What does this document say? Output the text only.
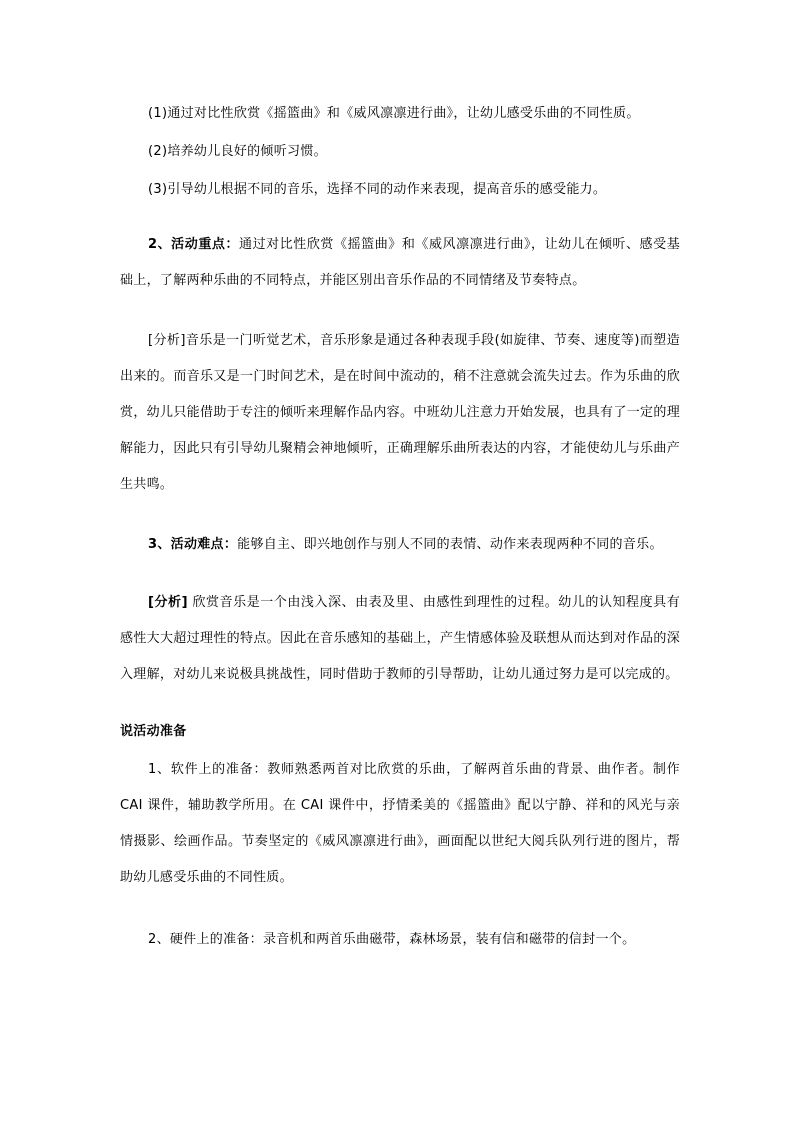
(1)通过对比性欣赏《摇篮曲》和《威风凛凛进行曲》，让幼儿感受乐曲的不同性质。
(2)培养幼儿良好的倾听习惯。
(3)引导幼儿根据不同的音乐，选择不同的动作来表现，提高音乐的感受能力。
2、活动重点：通过对比性欣赏《摇篮曲》和《威风凛凛进行曲》，让幼儿在倾听、感受基础上，了解两种乐曲的不同特点，并能区别出音乐作品的不同情绪及节奏特点。
[分析]音乐是一门听觉艺术，音乐形象是通过各种表现手段(如旋律、节奏、速度等)而塑造出来的。而音乐又是一门时间艺术，是在时间中流动的，稍不注意就会流失过去。作为乐曲的欣赏，幼儿只能借助于专注的倾听来理解作品内容。中班幼儿注意力开始发展，也具有了一定的理解能力，因此只有引导幼儿聚精会神地倾听，正确理解乐曲所表达的内容，才能使幼儿与乐曲产生共鸣。
3、活动难点：能够自主、即兴地创作与别人不同的表情、动作来表现两种不同的音乐。
[分析] 欣赏音乐是一个由浅入深、由表及里、由感性到理性的过程。幼儿的认知程度具有感性大大超过理性的特点。因此在音乐感知的基础上，产生情感体验及联想从而达到对作品的深入理解，对幼儿来说极具挑战性，同时借助于教师的引导帮助，让幼儿通过努力是可以完成的。
说活动准备
1、软件上的准备：教师熟悉两首对比欣赏的乐曲，了解两首乐曲的背景、曲作者。制作 CAI 课件，辅助教学所用。在 CAI 课件中，抒情柔美的《摇篮曲》配以宁静、祥和的风光与亲情摄影、绘画作品。节奏坚定的《威风凛凛进行曲》，画面配以世纪大阅兵队列行进的图片，帮助幼儿感受乐曲的不同性质。
2、硬件上的准备：录音机和两首乐曲磁带，森林场景，装有信和磁带的信封一个。
